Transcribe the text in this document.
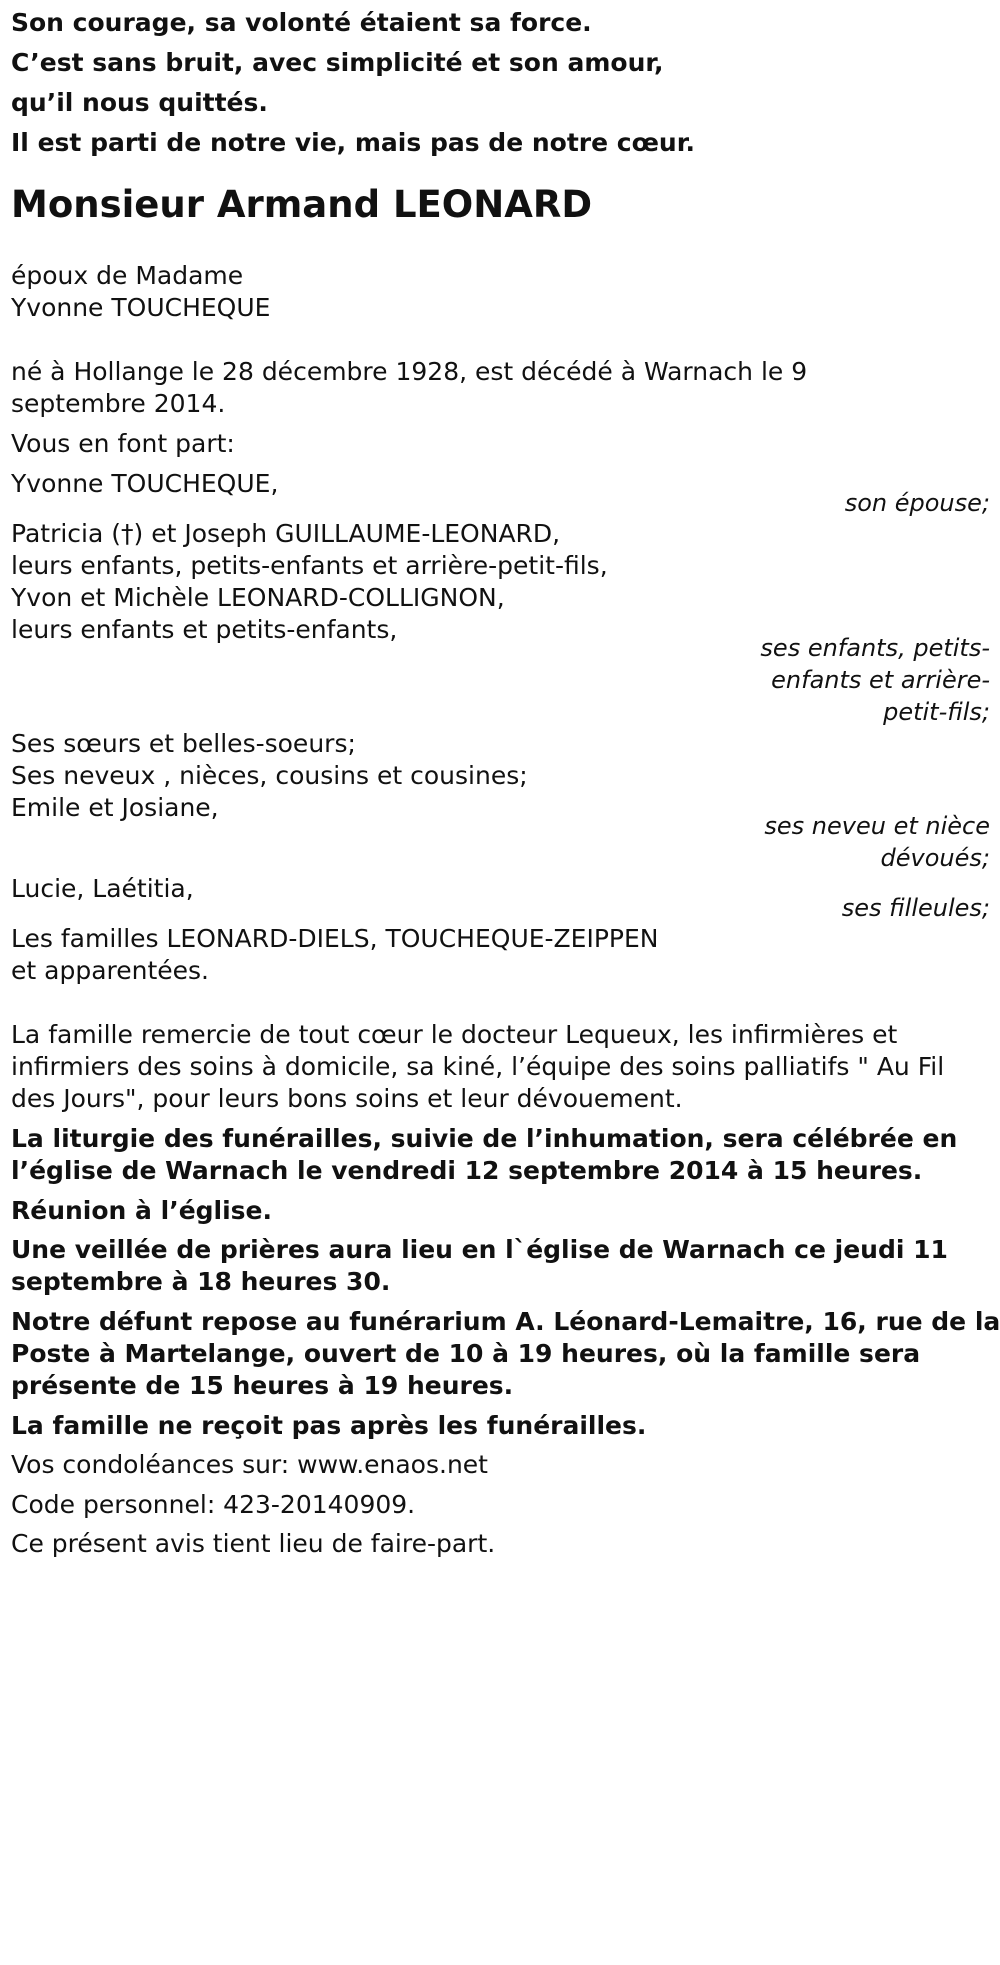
Son courage, sa volonté étaient sa force.
C’est sans bruit, avec simplicité et son amour,
qu’il nous quittés.
Il est parti de notre vie, mais pas de notre cœur.
Monsieur Armand LEONARD
époux de Madame
Yvonne TOUCHEQUE
né à Hollange le 28 décembre 1928, est décédé à Warnach le 9
septembre 2014.
Vous en font part:
Yvonne TOUCHEQUE,
son épouse;
Patricia (†) et Joseph GUILLAUME-LEONARD,
leurs enfants, petits-enfants et arrière-petit-fils,
Yvon et Michèle LEONARD-COLLIGNON,
leurs enfants et petits-enfants,
ses enfants, petits-
enfants et arrière-
petit-fils;
Ses sœurs et belles-soeurs;
Ses neveux , nièces, cousins et cousines;
Emile et Josiane,
ses neveu et nièce
dévoués;
Lucie, Laétitia,
ses filleules;
Les familles LEONARD-DIELS, TOUCHEQUE-ZEIPPEN
et apparentées.
La famille remercie de tout cœur le docteur Lequeux, les infirmières et
infirmiers des soins à domicile, sa kiné, l’équipe des soins palliatifs " Au Fil
des Jours", pour leurs bons soins et leur dévouement.
La liturgie des funérailles, suivie de l’inhumation, sera célébrée en
l’église de Warnach le vendredi 12 septembre 2014 à 15 heures.
Réunion à l’église.
Une veillée de prières aura lieu en l`église de Warnach ce jeudi 11
septembre à 18 heures 30.
Notre défunt repose au funérarium A. Léonard-Lemaitre, 16, rue de la
Poste à Martelange, ouvert de 10 à 19 heures, où la famille sera
présente de 15 heures à 19 heures.
La famille ne reçoit pas après les funérailles.
Vos condoléances sur: www.enaos.net
Code personnel: 423-20140909.
Ce présent avis tient lieu de faire-part.
